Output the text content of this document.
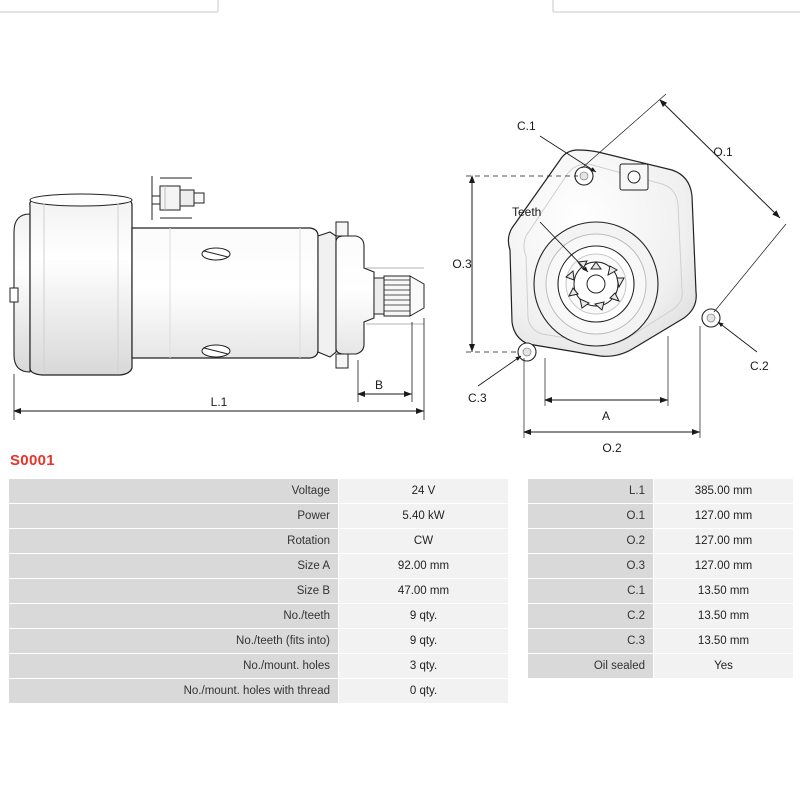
B
L.1
C.1
Teeth
C.2
C.3
O.1
O.3
A
O.2
S0001
Voltage	24 V
Power	5.40 kW
Rotation	CW
Size A	92.00 mm
Size B	47.00 mm
No./teeth	9 qty.
No./teeth (fits into)	9 qty.
No./mount. holes	3 qty.
No./mount. holes with thread	0 qty.
L.1	385.00 mm
O.1	127.00 mm
O.2	127.00 mm
O.3	127.00 mm
C.1	13.50 mm
C.2	13.50 mm
C.3	13.50 mm
Oil sealed	Yes
